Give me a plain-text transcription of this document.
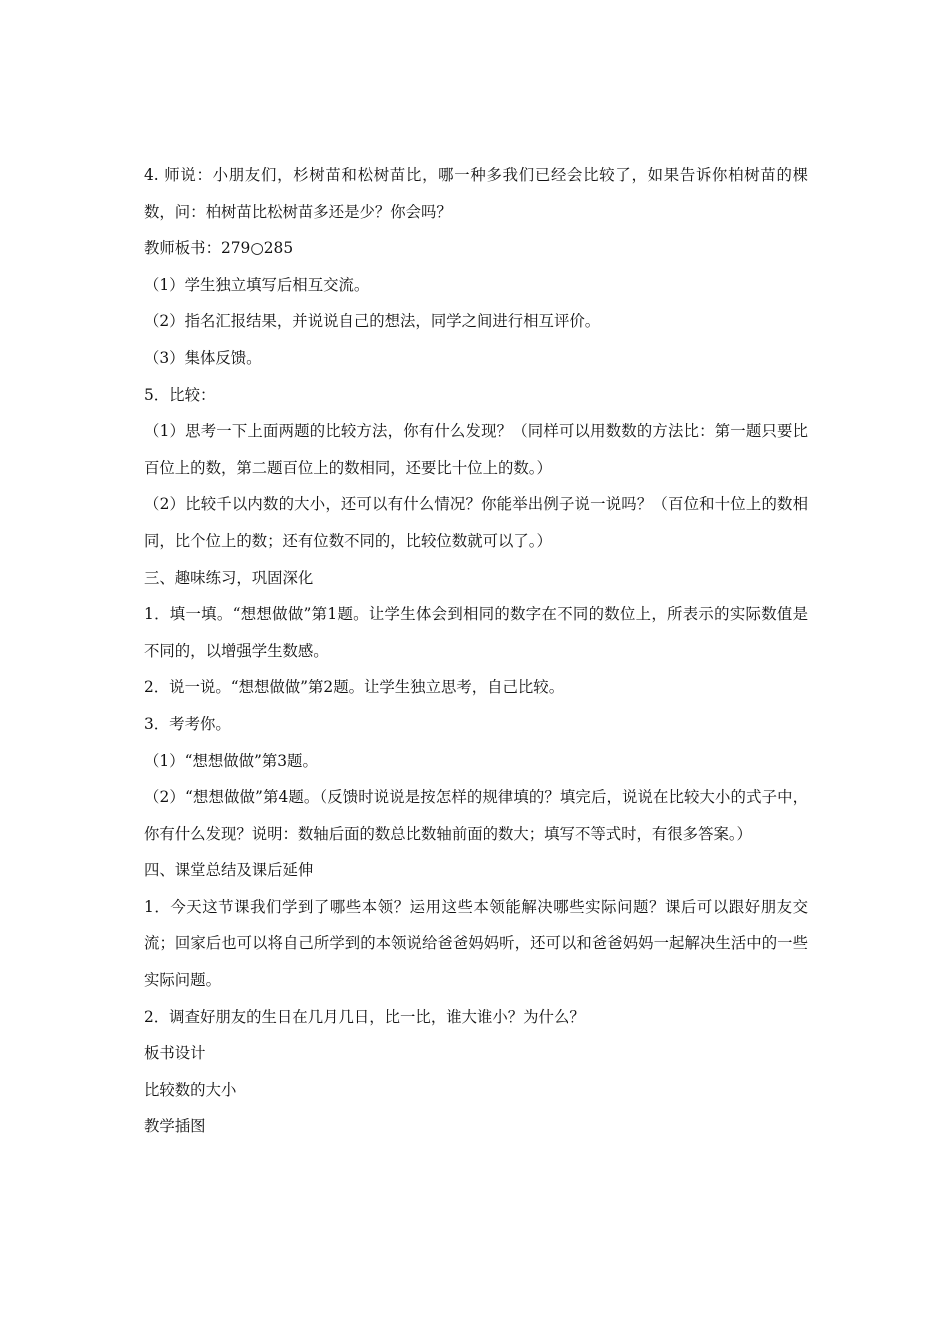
4. 师说：小朋友们，杉树苗和松树苗比，哪一种多我们已经会比较了，如果告诉你柏树苗的棵数，问：柏树苗比松树苗多还是少？你会吗？

教师板书：279○285

（1）学生独立填写后相互交流。

（2）指名汇报结果，并说说自己的想法，同学之间进行相互评价。

（3）集体反馈。

5．比较：

（1）思考一下上面两题的比较方法，你有什么发现？（同样可以用数数的方法比：第一题只要比百位上的数，第二题百位上的数相同，还要比十位上的数。）

（2）比较千以内数的大小，还可以有什么情况？你能举出例子说一说吗？（百位和十位上的数相同，比个位上的数；还有位数不同的，比较位数就可以了。）

三、趣味练习，巩固深化

1．填一填。“想想做做”第1题。让学生体会到相同的数字在不同的数位上，所表示的实际数值是不同的，以增强学生数感。

2．说一说。“想想做做”第2题。让学生独立思考，自己比较。

3．考考你。

（1）“想想做做”第3题。

（2）“想想做做”第4题。（反馈时说说是按怎样的规律填的？填完后，说说在比较大小的式子中，你有什么发现？说明：数轴后面的数总比数轴前面的数大；填写不等式时，有很多答案。）

四、课堂总结及课后延伸

1．今天这节课我们学到了哪些本领？运用这些本领能解决哪些实际问题？课后可以跟好朋友交流；回家后也可以将自己所学到的本领说给爸爸妈妈听，还可以和爸爸妈妈一起解决生活中的一些实际问题。

2．调查好朋友的生日在几月几日，比一比，谁大谁小？为什么？

板书设计

比较数的大小

教学插图
